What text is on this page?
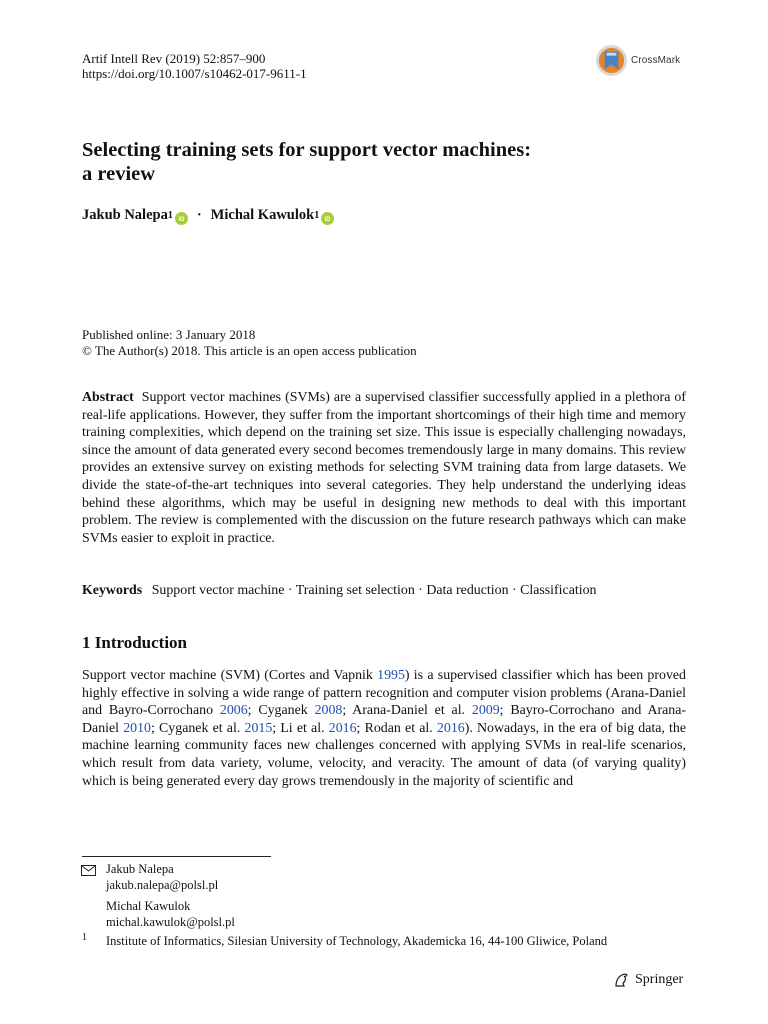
Artif Intell Rev (2019) 52:857–900
https://doi.org/10.1007/s10462-017-9611-1
CrossMark
Selecting training sets for support vector machines:
a review
Jakub Nalepa 1 iD · Michal Kawulok 1 iD
Published online: 3 January 2018
© The Author(s) 2018. This article is an open access publication
Abstract Support vector machines (SVMs) are a supervised classifier successfully applied in a plethora of real-life applications. However, they suffer from the important shortcomings of their high time and memory training complexities, which depend on the training set size. This issue is especially challenging nowadays, since the amount of data generated every second becomes tremendously large in many domains. This review provides an extensive survey on existing methods for selecting SVM training data from large datasets. We divide the state-of-the-art techniques into several categories. They help understand the underlying ideas behind these algorithms, which may be useful in designing new methods to deal with this important problem. The review is complemented with the discussion on the future research pathways which can make SVMs easier to exploit in practice.
Keywords Support vector machine · Training set selection · Data reduction · Classification
1 Introduction
Support vector machine (SVM) (Cortes and Vapnik 1995) is a supervised classifier which has been proved highly effective in solving a wide range of pattern recognition and computer vision problems (Arana-Daniel and Bayro-Corrochano 2006; Cyganek 2008; Arana-Daniel et al. 2009; Bayro-Corrochano and Arana-Daniel 2010; Cyganek et al. 2015; Li et al. 2016; Rodan et al. 2016). Nowadays, in the era of big data, the machine learning community faces new challenges concerned with applying SVMs in real-life scenarios, which result from data variety, volume, velocity, and veracity. The amount of data (of varying quality) which is being generated every day grows tremendously in the majority of scientific and
Jakub Nalepa
jakub.nalepa@polsl.pl
Michal Kawulok
michal.kawulok@polsl.pl
1 Institute of Informatics, Silesian University of Technology, Akademicka 16, 44-100 Gliwice, Poland
Springer
